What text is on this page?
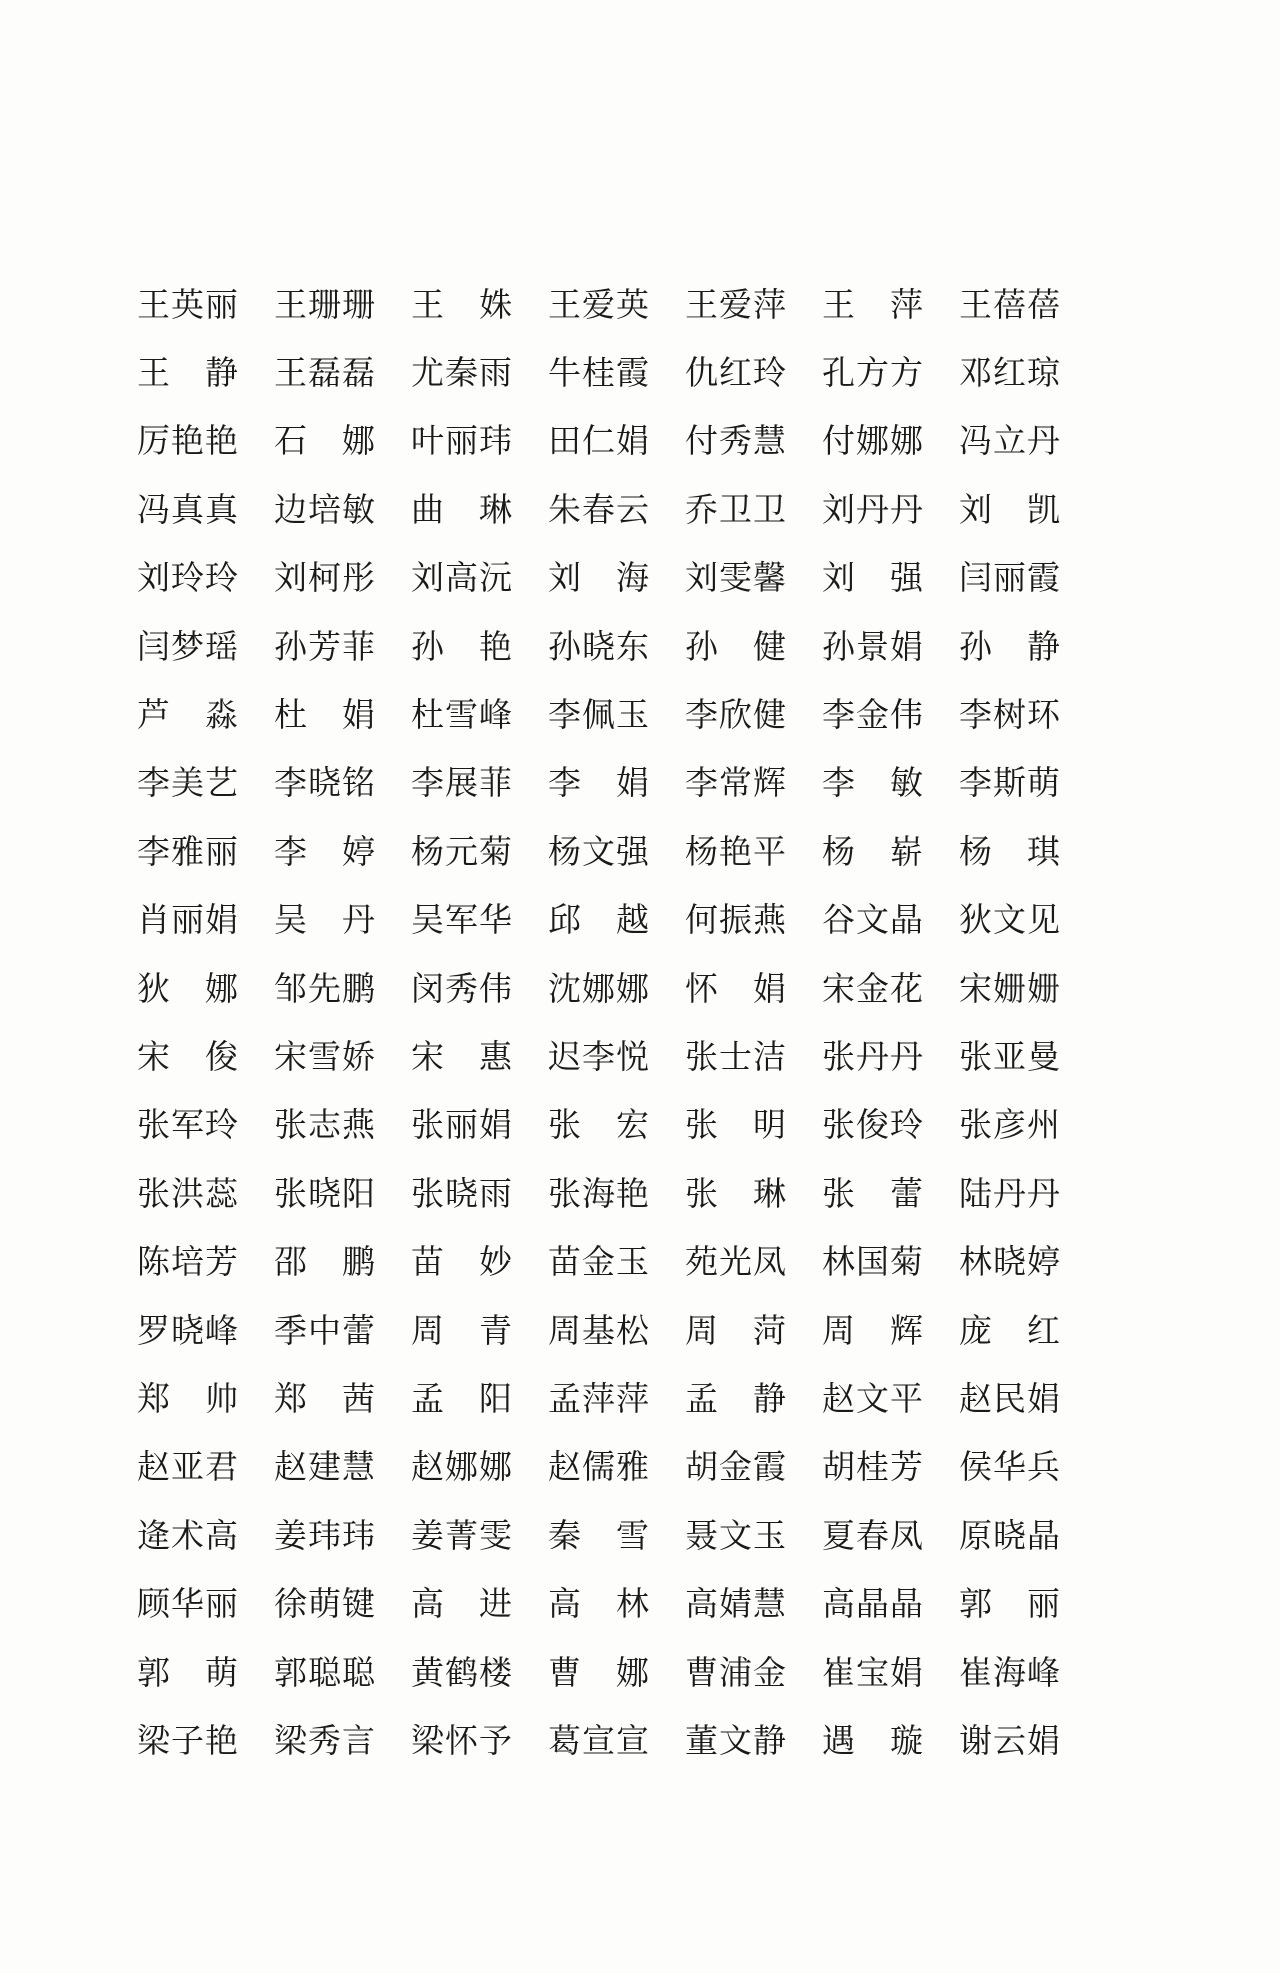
王 英 丽 王 珊 珊 王
　 姝 王 爱 英 王 爱 萍 王
　 萍 王 蓓 蓓
王
　 静 王 磊 磊 尤 秦 雨 牛 桂 霞 仇 红 玲 孔 方 方 邓 红 琼
厉 艳 艳 石
　 娜 叶 丽 玮 田 仁 娟 付 秀 慧 付 娜 娜 冯 立 丹
冯 真 真 边 培 敏 曲
　 琳 朱 春 云 乔 卫 卫 刘 丹 丹 刘
　 凯
刘 玲 玲 刘 柯 彤 刘 高 沅 刘
　 海 刘 雯 馨 刘
　 强 闫 丽 霞
闫 梦 瑶 孙 芳 菲 孙
　 艳 孙 晓 东 孙
　 健 孙 景 娟 孙
　 静
芦
　 淼 杜
　 娟 杜 雪 峰 李 佩 玉 李 欣 健 李 金 伟 李 树 环
李 美 艺 李 晓 铭 李 展 菲 李
　 娟 李 常 辉 李
　 敏 李 斯 萌
李 雅 丽 李
　 婷 杨 元 菊 杨 文 强 杨 艳 平 杨
　 崭 杨
　 琪
肖 丽 娟 吴
　 丹 吴 军 华 邱
　 越 何 振 燕 谷 文 晶 狄 文 见
狄
　 娜 邹 先 鹏 闵 秀 伟 沈 娜 娜 怀
　 娟 宋 金 花 宋 姗 姗
宋
　 俊 宋 雪 娇 宋
　 惠 迟 李 悦 张 士 洁 张 丹 丹 张 亚 曼
张 军 玲 张 志 燕 张 丽 娟 张
　 宏 张
　 明 张 俊 玲 张 彦 州
张 洪 蕊 张 晓 阳 张 晓 雨 张 海 艳 张
　 琳 张
　 蕾 陆 丹 丹
陈 培 芳 邵
　 鹏 苗
　 妙 苗 金 玉 苑 光 凤 林 国 菊 林 晓 婷
罗 晓 峰 季 中 蕾 周
　 青 周 基 松 周
　 菏 周
　 辉 庞
　 红
郑
　 帅 郑
　 茜 孟
　 阳 孟 萍 萍 孟
　 静 赵 文 平 赵 民 娟
赵 亚 君 赵 建 慧 赵 娜 娜 赵 儒 雅 胡 金 霞 胡 桂 芳 侯 华 兵
逄 术 高 姜 玮 玮 姜 菁 雯 秦
　 雪 聂 文 玉 夏 春 凤 原 晓 晶
顾 华 丽 徐 萌 键 高
　 进 高
　 林 高 婧 慧 高 晶 晶 郭
　 丽
郭
　 萌 郭 聪 聪 黄 鹤 楼 曹
　 娜 曹 浦 金 崔 宝 娟 崔 海 峰
梁 子 艳 梁 秀 言 梁 怀 予 葛 宣 宣 董 文 静 遇
　 璇 谢 云 娟
